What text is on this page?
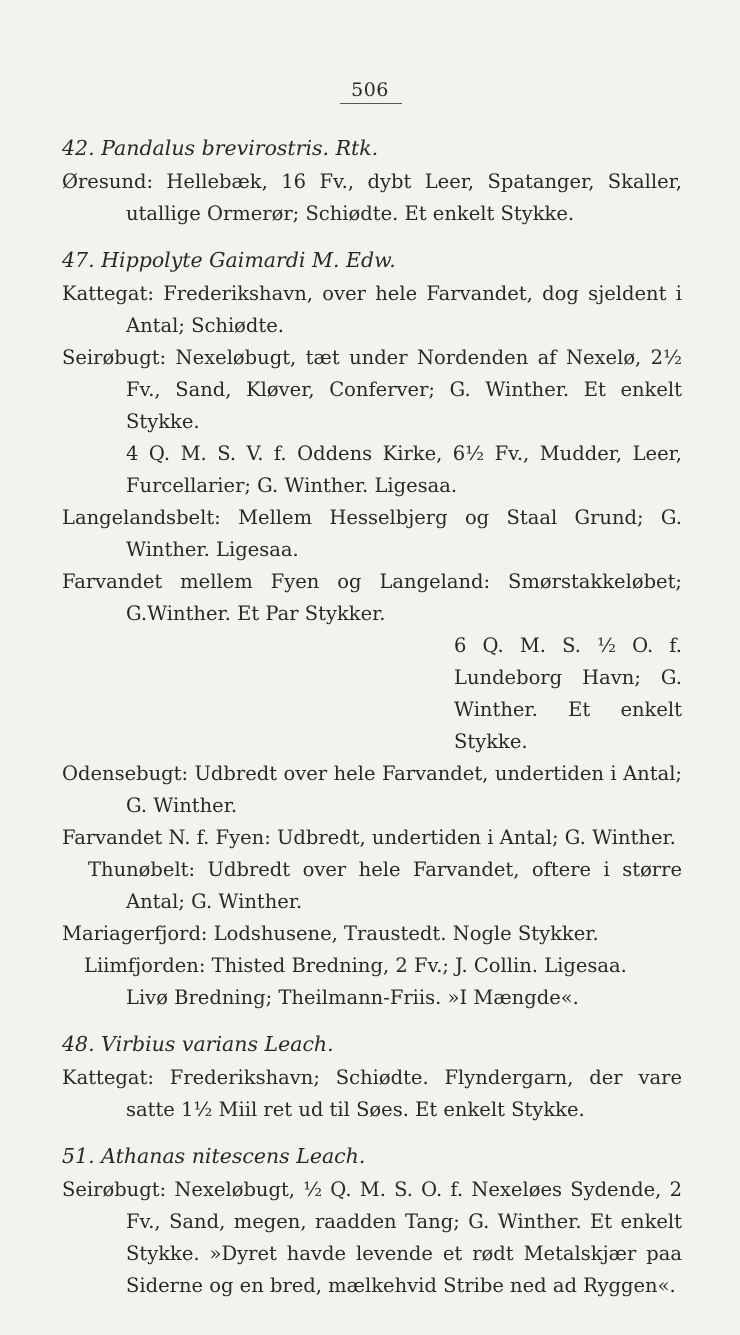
506

42. Pandalus brevirostris. Rtk.

Øresund: Hellebæk, 16 Fv., dybt Leer, Spatanger, Skaller, utallige Ormerør; Schiødte. Et enkelt Stykke.

47. Hippolyte Gaimardi M. Edw.

Kattegat: Frederikshavn, over hele Farvandet, dog sjeldent i Antal; Schiødte.

Seirøbugt: Nexeløbugt, tæt under Nordenden af Nexelø, 2½ Fv., Sand, Kløver, Conferver; G. Winther. Et enkelt Stykke.

4 Q. M. S. V. f. Oddens Kirke, 6½ Fv., Mudder, Leer, Furcellarier; G. Winther. Ligesaa.

Langelandsbelt: Mellem Hesselbjerg og Staal Grund; G. Winther. Ligesaa.

Farvandet mellem Fyen og Langeland: Smørstakkeløbet; G.Winther. Et Par Stykker.

6 Q. M. S. ½ O. f. Lundeborg Havn; G. Winther. Et enkelt Stykke.

Odensebugt: Udbredt over hele Farvandet, undertiden i Antal; G. Winther.

Farvandet N. f. Fyen: Udbredt, undertiden i Antal; G. Winther.

Thunøbelt: Udbredt over hele Farvandet, oftere i større Antal; G. Winther.

Mariagerfjord: Lodshusene, Traustedt. Nogle Stykker.

Liimfjorden: Thisted Bredning, 2 Fv.; J. Collin. Ligesaa.

Livø Bredning; Theilmann-Friis. »I Mængde«.

48. Virbius varians Leach.

Kattegat: Frederikshavn; Schiødte. Flyndergarn, der vare satte 1½ Miil ret ud til Søes. Et enkelt Stykke.

51. Athanas nitescens Leach.

Seirøbugt: Nexeløbugt, ½ Q. M. S. O. f. Nexeløes Sydende, 2 Fv., Sand, megen, raadden Tang; G. Winther. Et enkelt Stykke. »Dyret havde levende et rødt Metalskjær paa Siderne og en bred, mælkehvid Stribe ned ad Ryggen«.
